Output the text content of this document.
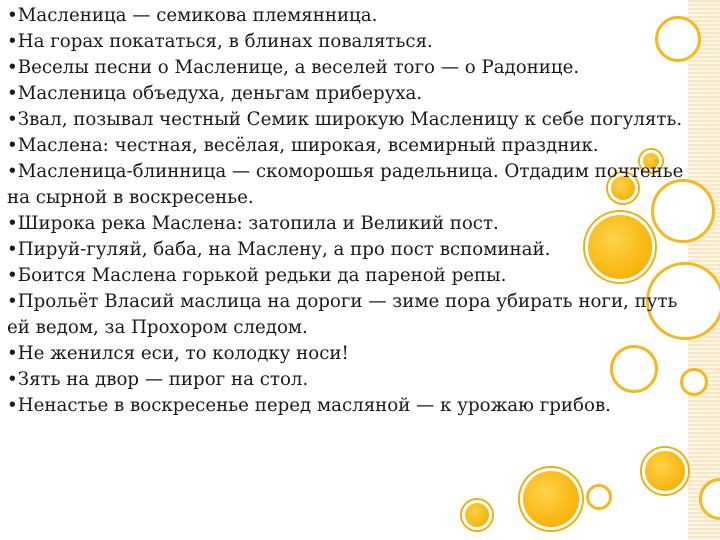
•Масленица — семикова племянница.

•На горах покататься, в блинах поваляться.

•Веселы песни о Масленице, а веселей того — о Радонице.

•Масленица объедуха, деньгам приберуха.

•Звал, позывал честный Семик широкую Масленицу к себе погулять.

•Маслена: честная, весёлая, широкая, всемирный праздник.

•Масленица-блинница — скоморошья радельница. Отдадим почтенье на сырной в воскресенье.

•Широка река Маслена: затопила и Великий пост.

•Пируй-гуляй, баба, на Маслену, а про пост вспоминай.

•Боится Маслена горькой редьки да пареной репы.

•Прольёт Власий маслица на дороги — зиме пора убирать ноги, путь ей ведом, за Прохором следом.

•Не женился еси, то колодку носи!

•Зять на двор — пирог на стол.

•Ненастье в воскресенье перед масляной — к урожаю грибов.
